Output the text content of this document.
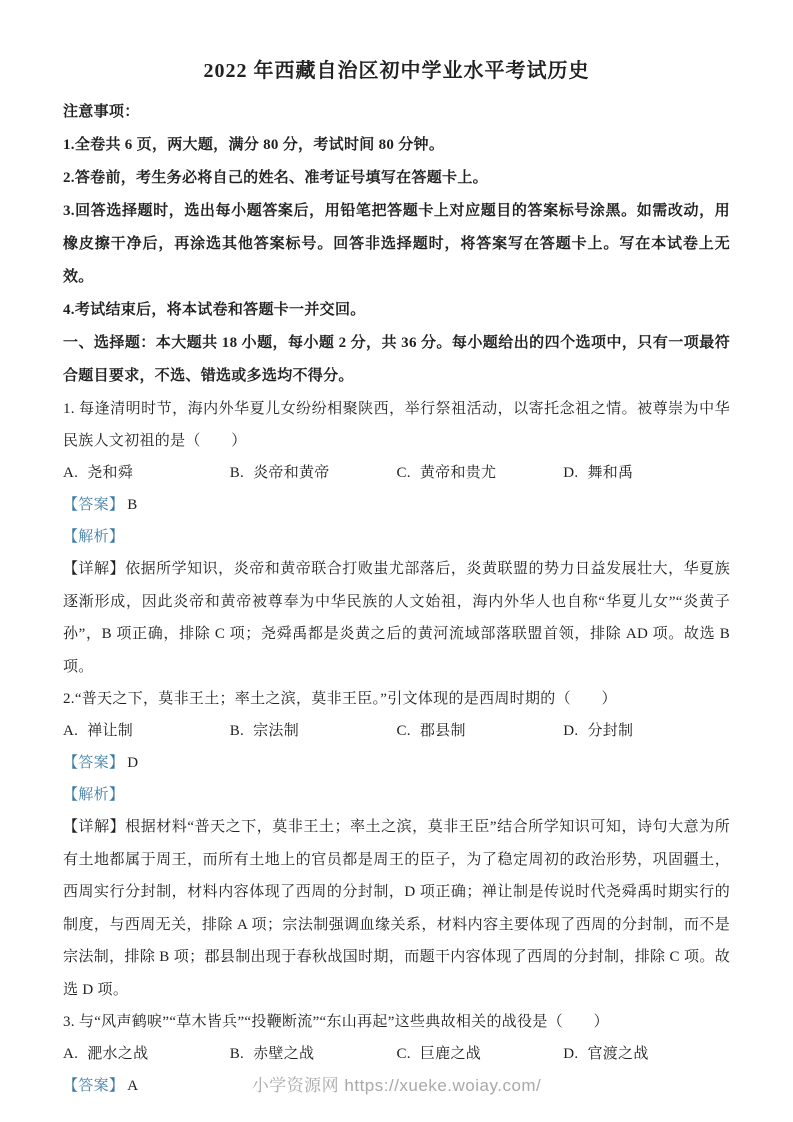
2022 年西藏自治区初中学业水平考试历史

注意事项：

1.全卷共 6 页，两大题，满分 80 分，考试时间 80 分钟。

2.答卷前，考生务必将自己的姓名、准考证号填写在答题卡上。

3.回答选择题时，选出每小题答案后，用铅笔把答题卡上对应题目的答案标号涂黑。如需改动，用橡皮擦干净后，再涂选其他答案标号。回答非选择题时，将答案写在答题卡上。写在本试卷上无效。

4.考试结束后，将本试卷和答题卡一并交回。

一、选择题：本大题共 18 小题，每小题 2 分，共 36 分。每小题给出的四个选项中，只有一项最符合题目要求，不选、错选或多选均不得分。

1. 每逢清明时节，海内外华夏儿女纷纷相聚陕西，举行祭祖活动，以寄托念祖之情。被尊崇为中华民族人文初祖的是（　　）

A. 尧和舜	B. 炎帝和黄帝	C. 黄帝和贵尤	D. 舞和禹

【答案】 B

【解析】

【详解】依据所学知识，炎帝和黄帝联合打败蚩尤部落后，炎黄联盟的势力日益发展壮大，华夏族逐渐形成，因此炎帝和黄帝被尊奉为中华民族的人文始祖，海内外华人也自称“华夏儿女”“炎黄子孙”，B 项正确，排除 C 项；尧舜禹都是炎黄之后的黄河流域部落联盟首领，排除 AD 项。故选 B 项。

2.“普天之下，莫非王土；率土之滨，莫非王臣。”引文体现的是西周时期的（　　）

A. 禅让制	B. 宗法制	C. 郡县制	D. 分封制

【答案】 D

【解析】

【详解】根据材料“普天之下，莫非王土；率土之滨，莫非王臣”结合所学知识可知，诗句大意为所有土地都属于周王，而所有土地上的官员都是周王的臣子，为了稳定周初的政治形势，巩固疆土，西周实行分封制，材料内容体现了西周的分封制，D 项正确；禅让制是传说时代尧舜禹时期实行的制度，与西周无关，排除 A 项；宗法制强调血缘关系，材料内容主要体现了西周的分封制，而不是宗法制，排除 B 项；郡县制出现于春秋战国时期，而题干内容体现了西周的分封制，排除 C 项。故选 D 项。

3. 与“风声鹤唳”“草木皆兵”“投鞭断流”“东山再起”这些典故相关的战役是（　　）

A. 淝水之战	B. 赤壁之战	C. 巨鹿之战	D. 官渡之战

【答案】 A	小学资源网 https://xueke.woiay.com/
